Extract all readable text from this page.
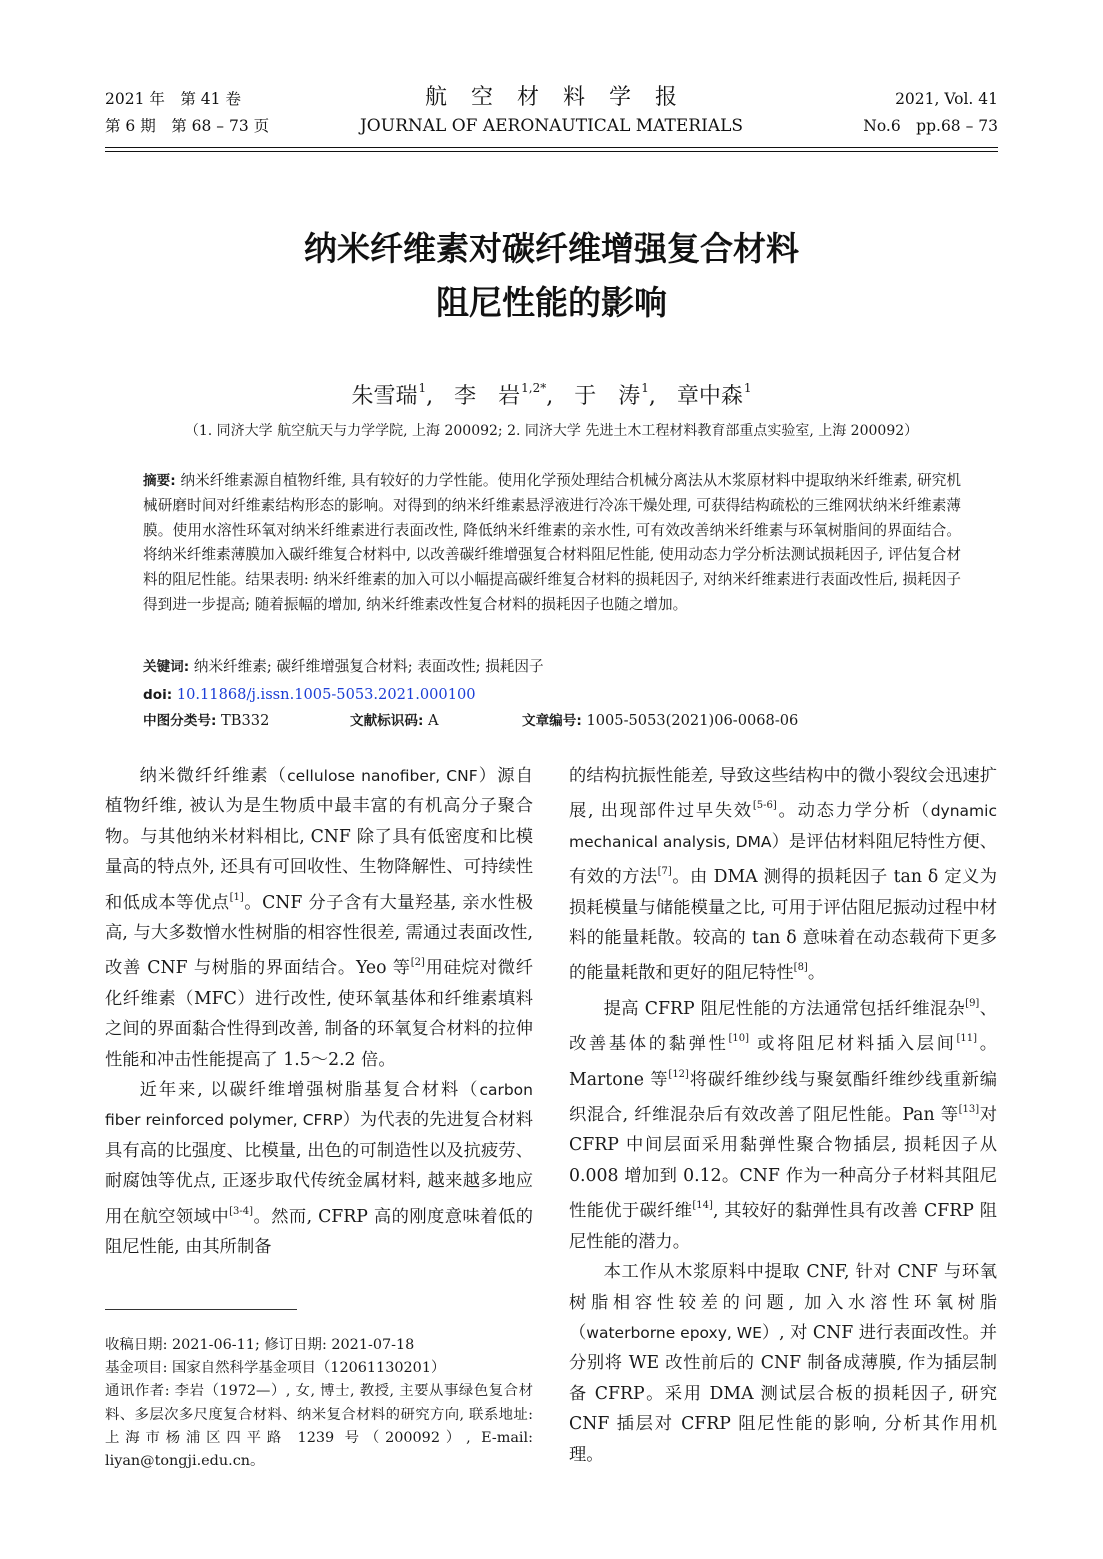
2021 年　第 41 卷
第 6 期　第 68 – 73 页
航　空　材　料　学　报
JOURNAL OF AERONAUTICAL MATERIALS
2021, Vol. 41
No.6　pp.68 – 73
纳米纤维素对碳纤维增强复合材料
阻尼性能的影响
朱雪瑞$^1$,   李　岩$^{1,2*}$,   于　涛$^1$,   章中森$^1$
（1. 同济大学 航空航天与力学学院, 上海 200092; 2. 同济大学 先进土木工程材料教育部重点实验室, 上海 200092）
摘要: 纳米纤维素源自植物纤维, 具有较好的力学性能。使用化学预处理结合机械分离法从木浆原材料中提取纳米纤维素, 研究机械研磨时间对纤维素结构形态的影响。对得到的纳米纤维素悬浮液进行冷冻干燥处理, 可获得结构疏松的三维网状纳米纤维素薄膜。使用水溶性环氧对纳米纤维素进行表面改性, 降低纳米纤维素的亲水性, 可有效改善纳米纤维素与环氧树脂间的界面结合。将纳米纤维素薄膜加入碳纤维复合材料中, 以改善碳纤维增强复合材料阻尼性能, 使用动态力学分析法测试损耗因子, 评估复合材料的阻尼性能。结果表明: 纳米纤维素的加入可以小幅提高碳纤维复合材料的损耗因子, 对纳米纤维素进行表面改性后, 损耗因子得到进一步提高; 随着振幅的增加, 纳米纤维素改性复合材料的损耗因子也随之增加。
关键词: 纳米纤维素; 碳纤维增强复合材料; 表面改性; 损耗因子
doi: 10.11868/j.issn.1005-5053.2021.000100
中图分类号: TB332	文献标识码: A	文章编号: 1005-5053(2021)06-0068-06

纳米微纤纤维素（cellulose nanofiber, CNF）源自植物纤维, 被认为是生物质中最丰富的有机高分子聚合物。与其他纳米材料相比, CNF 除了具有低密度和比模量高的特点外, 还具有可回收性、生物降解性、可持续性和低成本等优点[1]。CNF 分子含有大量羟基, 亲水性极高, 与大多数憎水性树脂的相容性很差, 需通过表面改性, 改善 CNF 与树脂的界面结合。Yeo 等[2]用硅烷对微纤化纤维素（MFC）进行改性, 使环氧基体和纤维素填料之间的界面黏合性得到改善, 制备的环氧复合材料的拉伸性能和冲击性能提高了 1.5～2.2 倍。

近年来, 以碳纤维增强树脂基复合材料（carbon fiber reinforced polymer, CFRP）为代表的先进复合材料具有高的比强度、比模量, 出色的可制造性以及抗疲劳、耐腐蚀等优点, 正逐步取代传统金属材料, 越来越多地应用在航空领域中[3-4]。然而, CFRP 高的刚度意味着低的阻尼性能, 由其所制备

的结构抗振性能差, 导致这些结构中的微小裂纹会迅速扩展, 出现部件过早失效[5-6]。动态力学分析（dynamic mechanical analysis, DMA）是评估材料阻尼特性方便、有效的方法[7]。由 DMA 测得的损耗因子 tan δ 定义为损耗模量与储能模量之比, 可用于评估阻尼振动过程中材料的能量耗散。较高的 tan δ 意味着在动态载荷下更多的能量耗散和更好的阻尼特性[8]。

提高 CFRP 阻尼性能的方法通常包括纤维混杂[9]、改善基体的黏弹性[10] 或将阻尼材料插入层间[11]。Martone 等[12]将碳纤维纱线与聚氨酯纤维纱线重新编织混合, 纤维混杂后有效改善了阻尼性能。Pan 等[13]对 CFRP 中间层面采用黏弹性聚合物插层, 损耗因子从 0.008 增加到 0.12。CNF 作为一种高分子材料其阻尼性能优于碳纤维[14], 其较好的黏弹性具有改善 CFRP 阻尼性能的潜力。

本工作从木浆原料中提取 CNF, 针对 CNF 与环氧树脂相容性较差的问题, 加入水溶性环氧树脂（waterborne epoxy, WE）, 对 CNF 进行表面改性。并分别将 WE 改性前后的 CNF 制备成薄膜, 作为插层制备 CFRP。采用 DMA 测试层合板的损耗因子, 研究 CNF 插层对 CFRP 阻尼性能的影响, 分析其作用机理。

收稿日期: 2021-06-11; 修订日期: 2021-07-18

基金项目: 国家自然科学基金项目（12061130201）

通讯作者: 李岩（1972—）, 女, 博士, 教授, 主要从事绿色复合材料、多层次多尺度复合材料、纳米复合材料的研究方向, 联系地址: 上海市杨浦区四平路 1239 号（200092）, E-mail: liyan@tongji.edu.cn。
